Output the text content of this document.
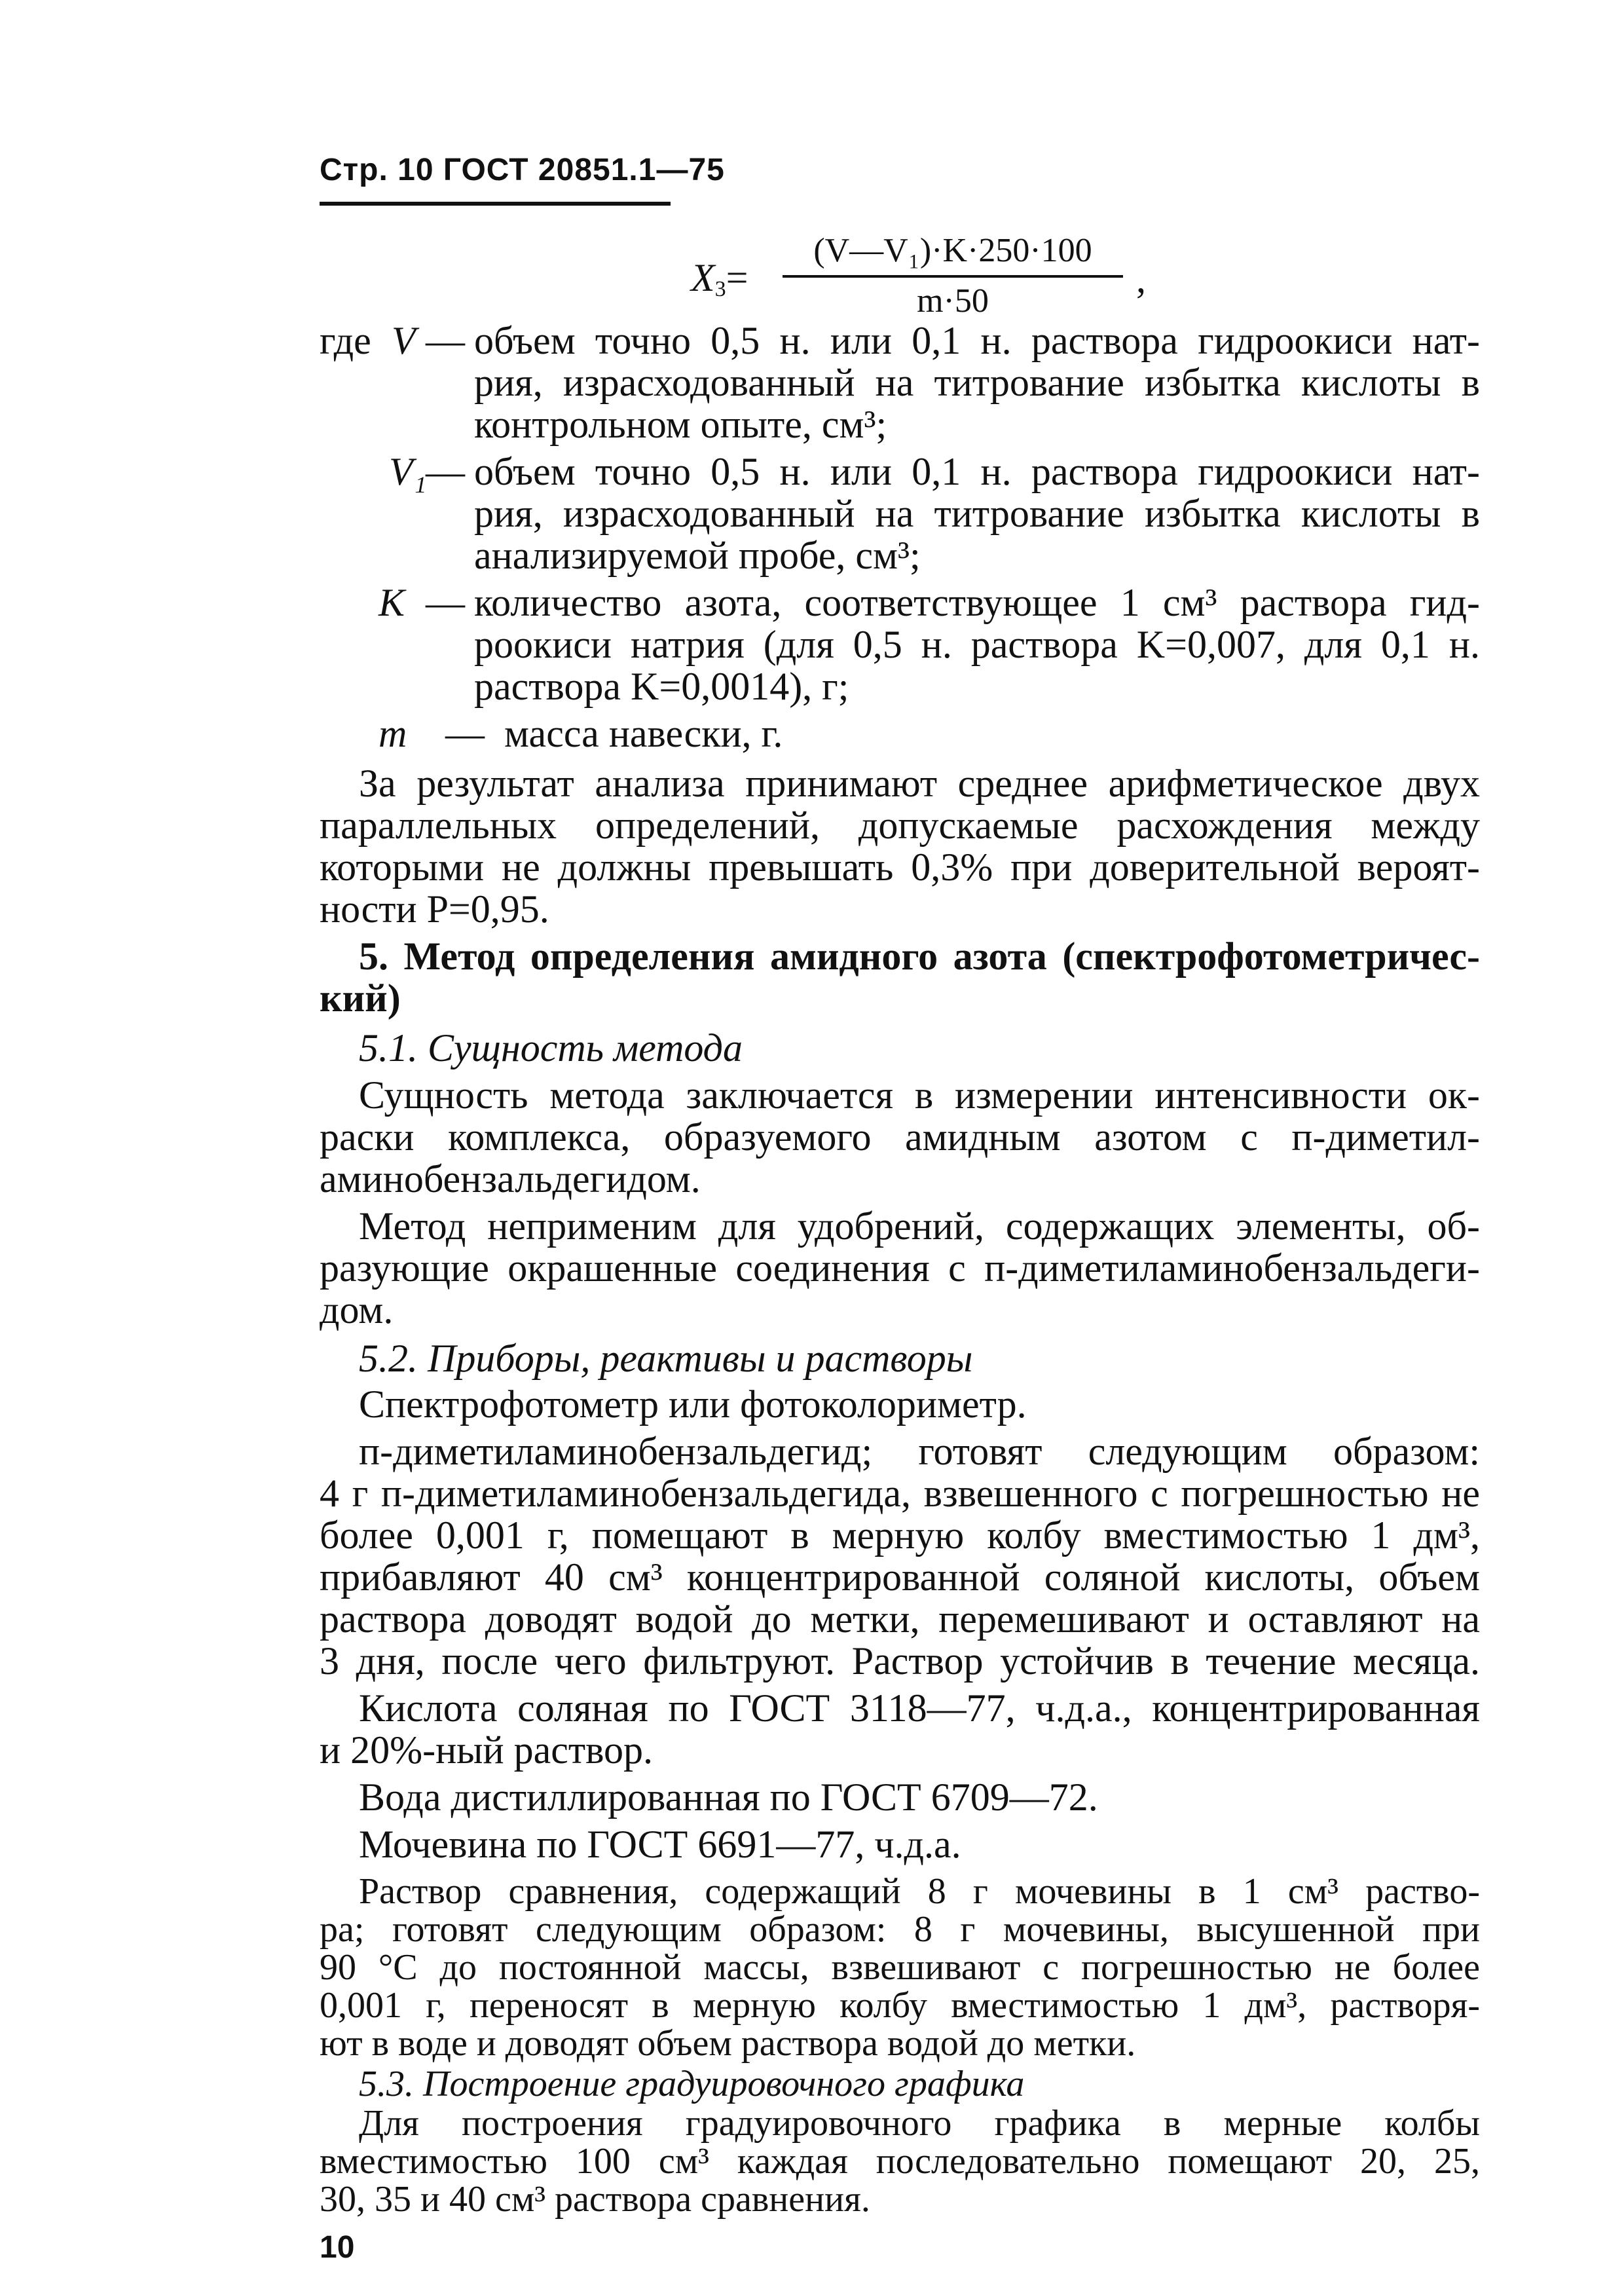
Стр. 10 ГОСТ 20851.1—75
$X_3=$
(V—V₁)·K·250·100
m·50
,
где V — объем точно 0,5 н. или 0,1 н. раствора гидроокиси нат-
рия, израсходованный на титрование избытка кислоты в
контрольном опыте, см³;
V₁
— объем точно 0,5 н. или 0,1 н. раствора гидроокиси нат-
рия, израсходованный на титрование избытка кислоты в
анализируемой пробе, см³;
K — количество азота, соответствующее 1 см³ раствора гид-
роокиси натрия (для 0,5 н. раствора K=0,007, для 0,1 н.
раствора K=0,0014), г;
m — масса навески, г.
За результат анализа принимают среднее арифметическое двух
параллельных определений, допускаемые расхождения между
которыми не должны превышать 0,3% при доверительной вероят-
ности P=0,95.
5. Метод определения амидного азота (спектрофотометричес-
кий)
5.1. Сущность метода
Сущность метода заключается в измерении интенсивности ок-
раски комплекса, образуемого амидным азотом с п-диметил-
аминобензальдегидом.
Метод неприменим для удобрений, содержащих элементы, об-
разующие окрашенные соединения с п-диметиламинобензальдеги-
дом.
5.2. Приборы, реактивы и растворы
Спектрофотометр или фотоколориметр.
п-диметиламинобензальдегид; готовят следующим образом:
4 г п-диметиламинобензальдегида, взвешенного с погрешностью не
более 0,001 г, помещают в мерную колбу вместимостью 1 дм³,
прибавляют 40 см³ концентрированной соляной кислоты, объем
раствора доводят водой до метки, перемешивают и оставляют на
3 дня, после чего фильтруют. Раствор устойчив в течение месяца.
Кислота соляная по ГОСТ 3118—77, ч.д.а., концентрированная
и 20%-ный раствор.
Вода дистиллированная по ГОСТ 6709—72.
Мочевина по ГОСТ 6691—77, ч.д.а.
Раствор сравнения, содержащий 8 г мочевины в 1 см³ раство-
ра; готовят следующим образом: 8 г мочевины, высушенной при
90 °С до постоянной массы, взвешивают с погрешностью не более
0,001 г, переносят в мерную колбу вместимостью 1 дм³, растворя-
ют в воде и доводят объем раствора водой до метки.
5.3. Построение градуировочного графика
Для построения градуировочного графика в мерные колбы
вместимостью 100 см³ каждая последовательно помещают 20, 25,
30, 35 и 40 см³ раствора сравнения.
10
